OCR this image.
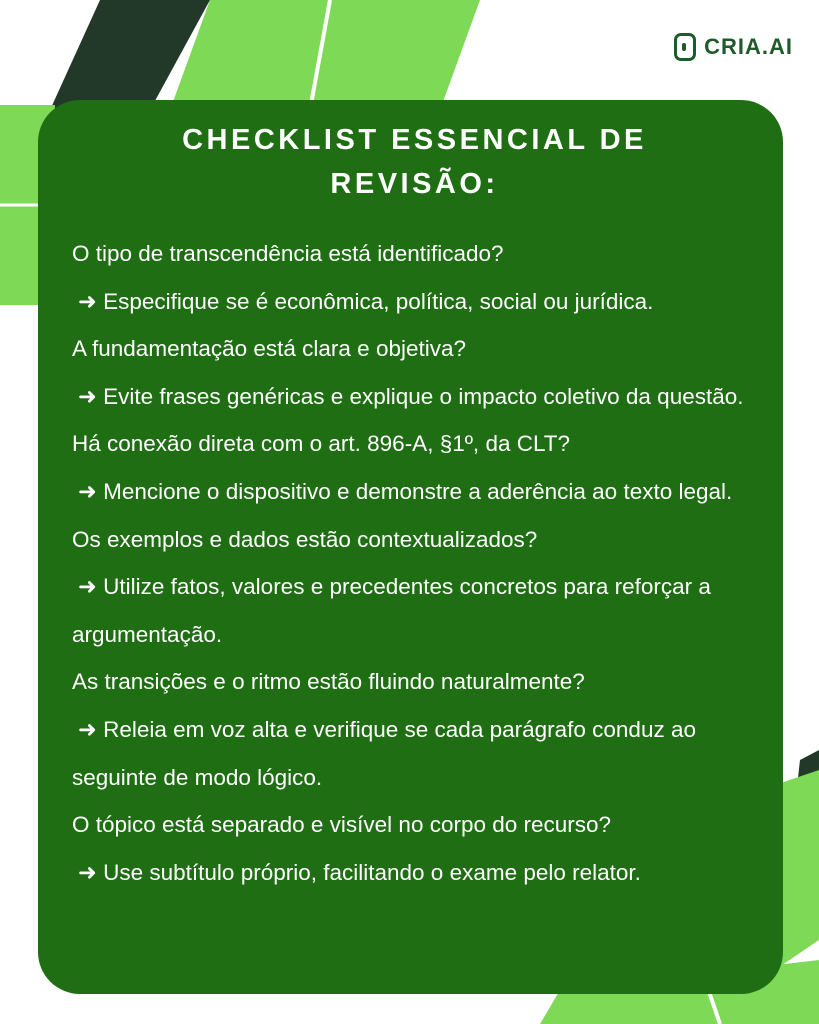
CRIA.AI
CHECKLIST ESSENCIAL DE REVISÃO:
O tipo de transcendência está identificado?
➜ Especifique se é econômica, política, social ou jurídica.
A fundamentação está clara e objetiva?
➜ Evite frases genéricas e explique o impacto coletivo da questão.
Há conexão direta com o art. 896-A, §1º, da CLT?
➜ Mencione o dispositivo e demonstre a aderência ao texto legal.
Os exemplos e dados estão contextualizados?
➜ Utilize fatos, valores e precedentes concretos para reforçar a argumentação.
As transições e o ritmo estão fluindo naturalmente?
➜ Releia em voz alta e verifique se cada parágrafo conduz ao seguinte de modo lógico.
O tópico está separado e visível no corpo do recurso?
➜ Use subtítulo próprio, facilitando o exame pelo relator.
